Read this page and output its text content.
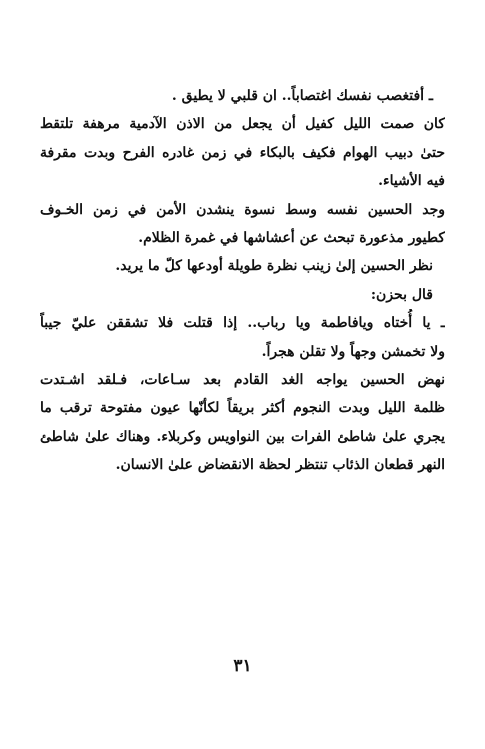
ـ أفتغصب نفسك اغتصاباً.. ان قلبي لا يطيق .
كان صمت الليل كفيل أن يجعل من الاذن الآدمية مرهفة تلتقط
حتىٰ دبيب الهوام فكيف بالبكاء في زمن غادره الفرح وبدت مقرفة
فيه الأشياء.
وجد الحسين نفسه وسط نسوة ينشدن الأمن في زمن الخـوف
كطيور مذعورة تبحث عن أعشاشها في غمرة الظلام.
نظر الحسين إلىٰ زينب نظرة طويلة أودعها كلّ ما يريد.
قال بحزن:
ـ يا أُختاه ويافاطمة ويا رباب.. إذا قتلت فلا تشققن عليّ جيباً
ولا تخمشن وجهاً ولا تقلن هجراً.
نهض الحسين يواجه الغد القادم بعد سـاعات، فـلقد اشـتدت
ظلمة الليل وبدت النجوم أكثر بريقاً لكأنّها عيون مفتوحة ترقب ما
يجري علىٰ شاطئ الفرات بين النواويس وكربلاء. وهناك علىٰ شاطئ
النهر قطعان الذئاب تنتظر لحظة الانقضاض علىٰ الانسان.
٣١
